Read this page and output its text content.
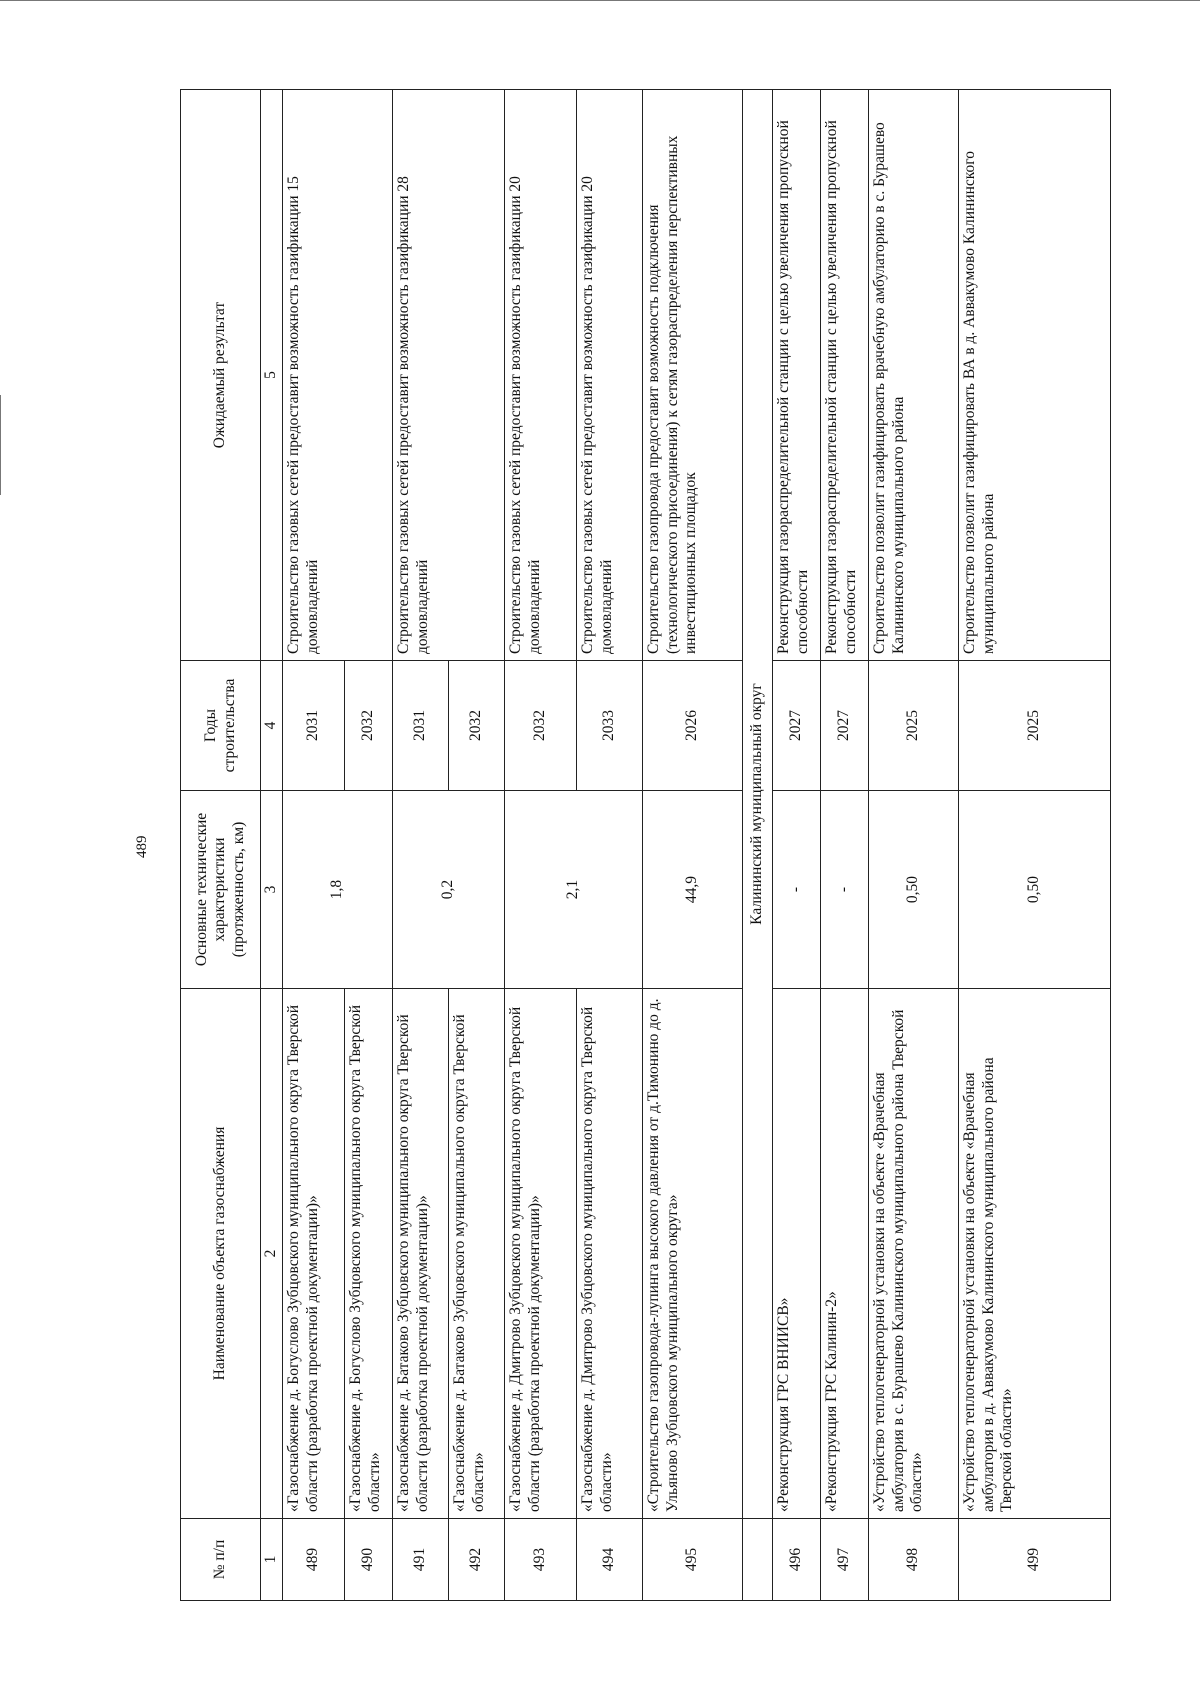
489
№ п/п	Наименование объекта газоснабжения	Основные технические характеристики (протяженность, км)	Годы строительства	Ожидаемый результат
1	2	3	4	5
489	«Газоснабжение д. Богуслово Зубцовского муниципального округа Тверской области (разработка проектной документации)»	1,8	2031	Строительство газовых сетей предоставит возможность газификации 15 домовладений
490	«Газоснабжение д. Богуслово Зубцовского муниципального округа Тверской области»		2032	
491	«Газоснабжение д. Батаково Зубцовского муниципального округа Тверской области (разработка проектной документации)»	0,2	2031	Строительство газовых сетей предоставит возможность газификации 28 домовладений
492	«Газоснабжение д. Батаково Зубцовского муниципального округа Тверской области»		2032	
493	«Газоснабжение д. Дмитрово Зубцовского муниципального округа Тверской области (разработка проектной документации)»	2,1	2032	Строительство газовых сетей предоставит возможность газификации 20 домовладений
494	«Газоснабжение д. Дмитрово Зубцовского муниципального округа Тверской области»		2033	Строительство газовых сетей предоставит возможность газификации 20 домовладений
495	«Строительство газопровода-лупинга высокого давления от д.Тимонино до д. Ульяново Зубцовского муниципального округа»	44,9	2026	Строительство газопровода предоставит возможность подключения (технологического присоединения) к сетям газораспределения перспективных инвестиционных площадок
	Калининский муниципальный округ			
496	«Реконструкция ГРС ВНИИСВ»	-	2027	Реконструкция газораспределительной станции с целью увеличения пропускной способности
497	«Реконструкция ГРС Калинин-2»	-	2027	Реконструкция газораспределительной станции с целью увеличения пропускной способности
498	«Устройство теплогенераторной установки на объекте «Врачебная амбулатория в с. Бурашево Калининского муниципального района Тверской области»	0,50	2025	Строительство позволит газифицировать врачебную амбулаторию в с. Бурашево Калининского муниципального района
499	«Устройство теплогенераторной установки на объекте «Врачебная амбулатория в д. Аввакумово Калининского муниципального района Тверской области»	0,50	2025	Строительство позволит газифицировать ВА в д. Аввакумово Калининского муниципального района
